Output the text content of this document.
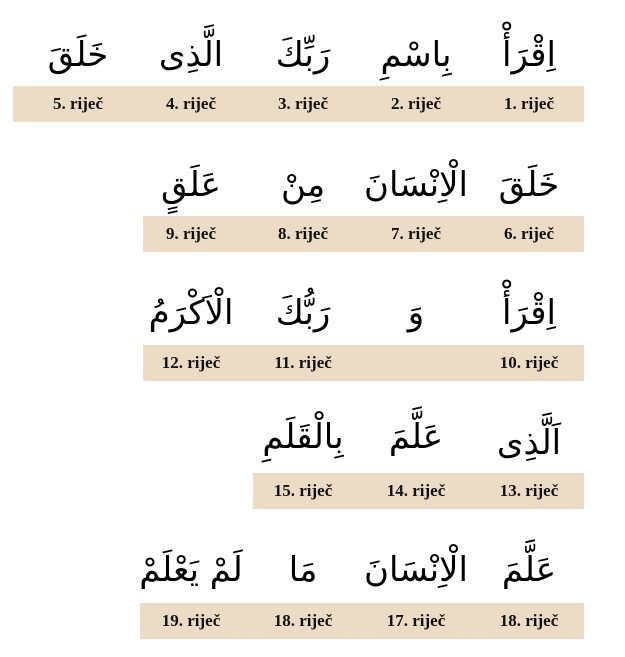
اِقْرَأْ
بِاسْمِ
رَبِّكَ
الَّذِى
خَلَقَ
1. riječ
2. riječ
3. riječ
4. riječ
5. riječ
خَلَقَ
الْاِنْسَانَ
مِنْ
عَلَقٍ
6. riječ
7. riječ
8. riječ
9. riječ
اِقْرَأْ
وَ
رَبُّكَ
الْاَكْرَمُ
10. riječ
11. riječ
12. riječ
اَلَّذِى
عَلَّمَ
بِالْقَلَمِ
13. riječ
14. riječ
15. riječ
عَلَّمَ
الْاِنْسَانَ
مَا
لَمْ يَعْلَمْ
18. riječ
17. riječ
18. riječ
19. riječ
